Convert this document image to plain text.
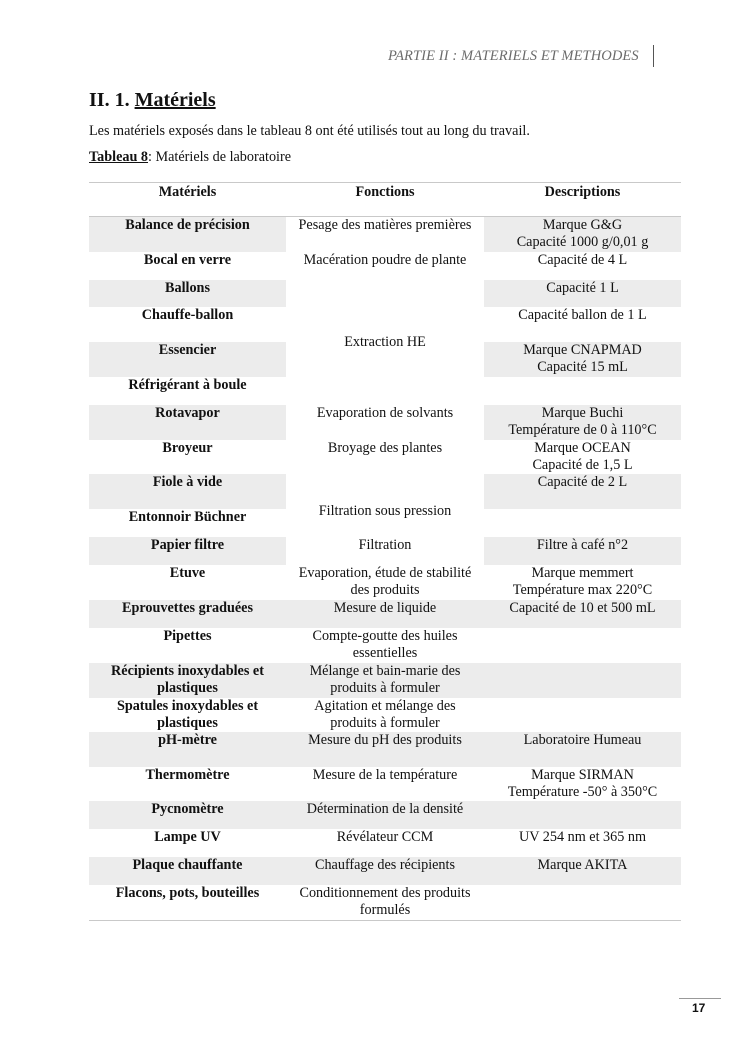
PARTIE II : MATERIELS ET METHODES
II. 1. Matériels
Les matériels exposés dans le tableau 8 ont été utilisés tout au long du travail.
Tableau 8: Matériels de laboratoire
Matériels	Fonctions	Descriptions
Balance de précision	Pesage des matières premières	Marque G&G
Capacité 1000 g/0,01 g
Bocal en verre	Macération poudre de plante	Capacité de 4 L
Ballons	Extraction HE	Capacité 1 L
Chauffe-ballon		Capacité ballon de 1 L
Essencier		Marque CNAPMAD
Capacité 15 mL
Réfrigérant à boule		
Rotavapor	Evaporation de solvants	Marque Buchi
Température de 0 à 110°C
Broyeur	Broyage des plantes	Marque OCEAN
Capacité de 1,5 L
Fiole à vide	Filtration sous pression	Capacité de 2 L
Entonnoir Büchner		
Papier filtre	Filtration	Filtre à café n°2
Etuve	Evaporation, étude de stabilité des produits	Marque memmert
Température max 220°C
Eprouvettes graduées	Mesure de liquide	Capacité de 10 et 500 mL
Pipettes	Compte-goutte des huiles essentielles	
Récipients inoxydables et plastiques	Mélange et bain-marie des produits à formuler	
Spatules inoxydables et plastiques	Agitation et mélange des produits à formuler	
pH-mètre	Mesure du pH des produits	Laboratoire Humeau
Thermomètre	Mesure de la température	Marque SIRMAN
Température -50° à 350°C
Pycnomètre	Détermination de la densité	
Lampe UV	Révélateur CCM	UV 254 nm et 365 nm
Plaque chauffante	Chauffage des récipients	Marque AKITA
Flacons, pots, bouteilles	Conditionnement des produits formulés	
17
